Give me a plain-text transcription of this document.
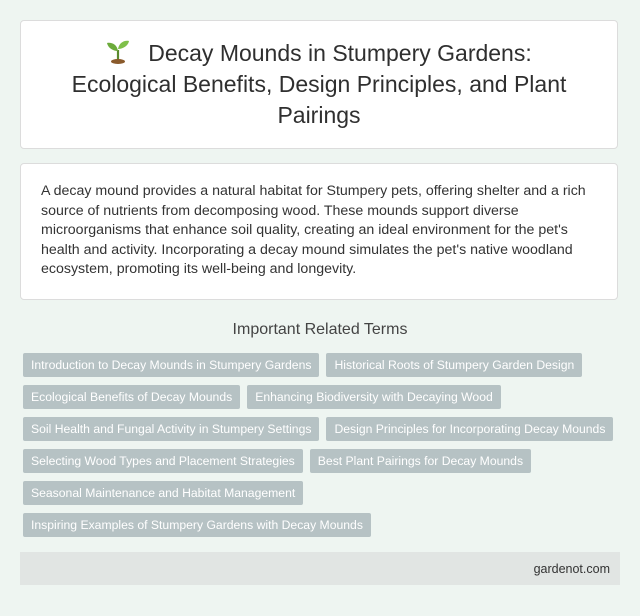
Decay Mounds in Stumpery Gardens: Ecological Benefits, Design Principles, and Plant Pairings

A decay mound provides a natural habitat for Stumpery pets, offering shelter and a rich source of nutrients from decomposing wood. These mounds support diverse microorganisms that enhance soil quality, creating an ideal environment for the pet's health and activity. Incorporating a decay mound simulates the pet's native woodland ecosystem, promoting its well-being and longevity.

Important Related Terms
Introduction to Decay Mounds in Stumpery Gardens	Historical Roots of Stumpery Garden Design
Ecological Benefits of Decay Mounds	Enhancing Biodiversity with Decaying Wood
Soil Health and Fungal Activity in Stumpery Settings	Design Principles for Incorporating Decay Mounds
Selecting Wood Types and Placement Strategies	Best Plant Pairings for Decay Mounds
Seasonal Maintenance and Habitat Management
Inspiring Examples of Stumpery Gardens with Decay Mounds
gardenot.com
